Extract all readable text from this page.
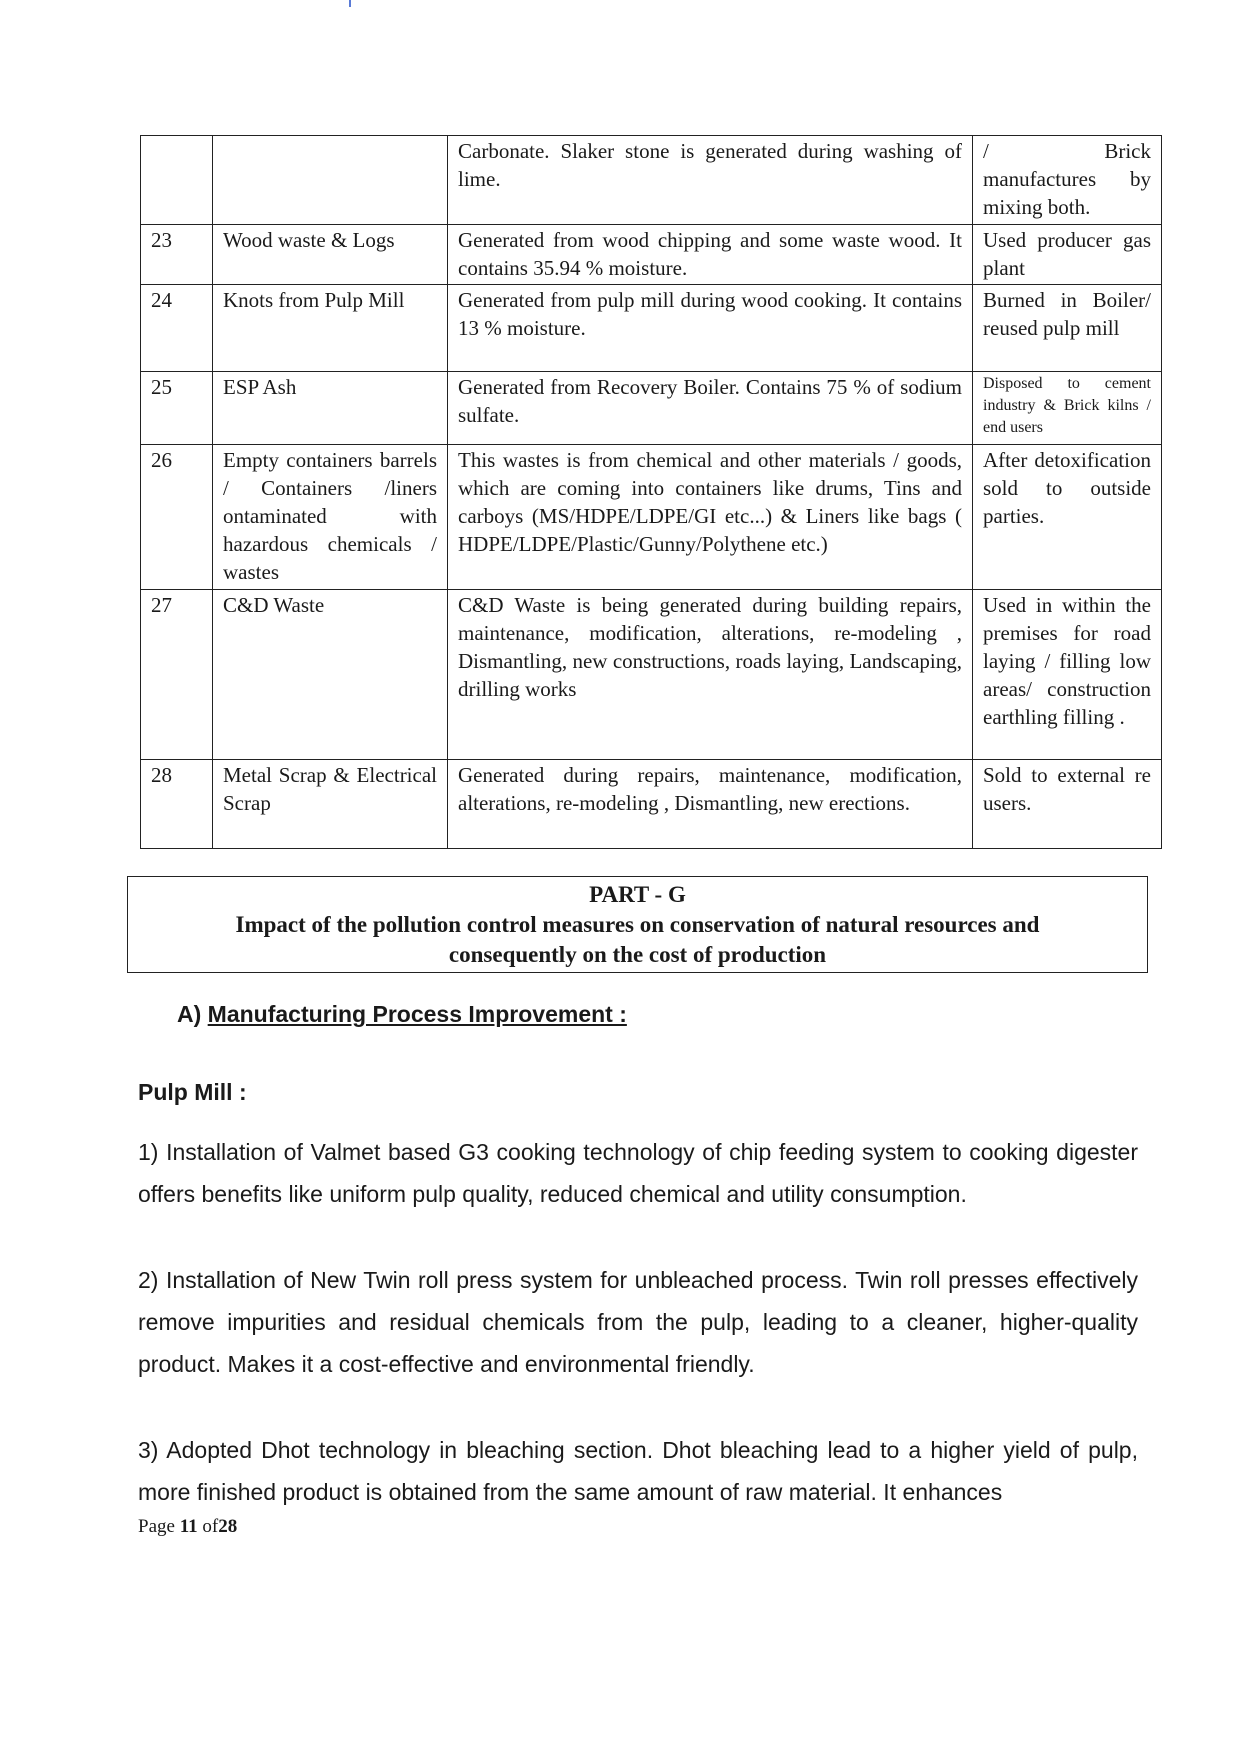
		Carbonate. Slaker stone is generated during washing of lime.	/ Brick manufactures by mixing both.
23	Wood waste & Logs	Generated from wood chipping and some waste wood. It contains 35.94 % moisture.	Used producer gas plant
24	Knots from Pulp Mill	Generated from pulp mill during wood cooking. It contains 13 % moisture.	Burned in Boiler/ reused pulp mill
25	ESP Ash	Generated from Recovery Boiler. Contains 75 % of sodium sulfate.	Disposed to cement industry & Brick kilns / end users
26	Empty containers barrels / Containers /liners ontaminated with hazardous chemicals / wastes	This wastes is from chemical and other materials / goods, which are coming into containers like drums, Tins and carboys (MS/HDPE/LDPE/GI etc...) & Liners like bags ( HDPE/LDPE/Plastic/Gunny/Polythene etc.)	After detoxification sold to outside parties.
27	C&D Waste	C&D Waste is being generated during building repairs, maintenance, modification, alterations, re-modeling , Dismantling, new constructions, roads laying, Landscaping, drilling works	Used in within the premises for road laying / filling low areas/ construction earthling filling .
28	Metal Scrap & Electrical Scrap	Generated during repairs, maintenance, modification, alterations, re-modeling , Dismantling, new erections.	Sold to external re users.
PART - G
Impact of the pollution control measures on conservation of natural resources and
consequently on the cost of production
A) Manufacturing Process Improvement :
Pulp Mill :
1) Installation of Valmet based G3 cooking technology of chip feeding system to cooking digester offers benefits like uniform pulp quality, reduced chemical and utility consumption.
2) Installation of New Twin roll press system for unbleached process. Twin roll presses effectively remove impurities and residual chemicals from the pulp, leading to a cleaner, higher-quality product. Makes it a cost-effective and environmental friendly.
3) Adopted Dhot technology in bleaching section. Dhot bleaching lead to a higher yield of pulp, more finished product is obtained from the same amount of raw material. It enhances
Page 11 of28
